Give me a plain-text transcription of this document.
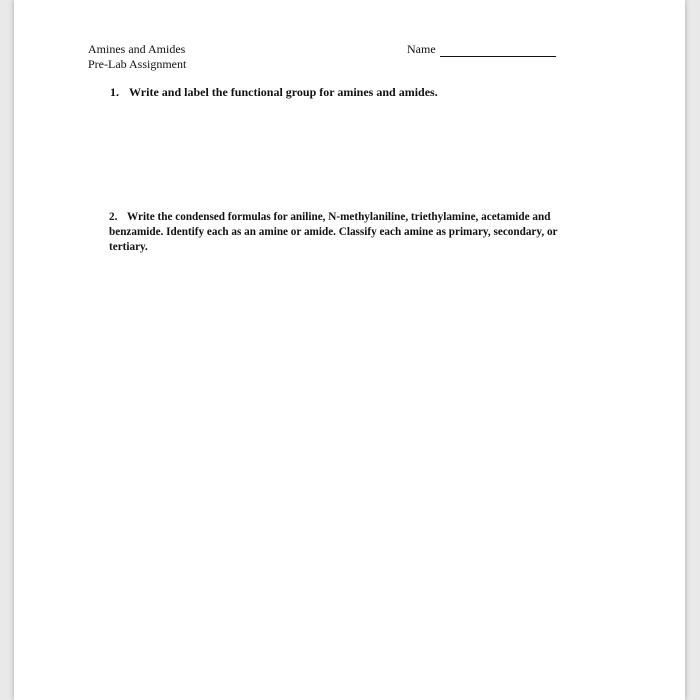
Amines and Amides
Pre-Lab Assignment
Name
1. Write and label the functional group for amines and amides.
2. Write the condensed formulas for aniline, N-methylaniline, triethylamine, acetamide and benzamide. Identify each as an amine or amide. Classify each amine as primary, secondary, or tertiary.
